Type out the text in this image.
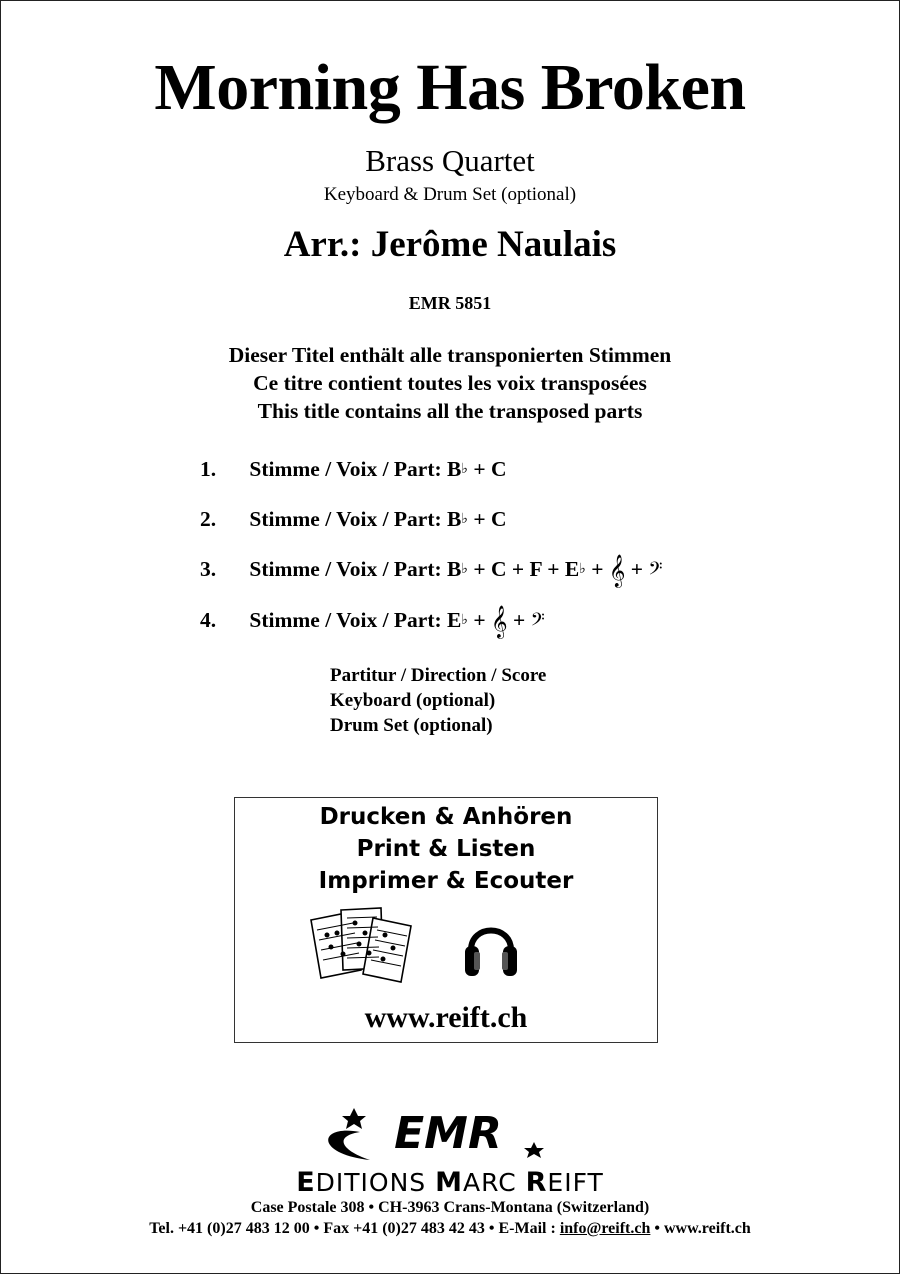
Morning Has Broken
Brass Quartet
Keyboard & Drum Set (optional)
Arr.: Jerôme Naulais
EMR 5851
Dieser Titel enthält alle transponierten Stimmen
Ce titre contient toutes les voix transposées
This title contains all the transposed parts
1. Stimme / Voix / Part: B♭ + C
2. Stimme / Voix / Part: B♭ + C
3. Stimme / Voix / Part: B♭ + C + F + E♭ + 𝄞 + 𝄢
4. Stimme / Voix / Part: E♭ + 𝄞 + 𝄢
Partitur / Direction / Score
Keyboard (optional)
Drum Set (optional)
Drucken & Anhören
Print & Listen
Imprimer & Ecouter
www.reift.ch
EMR
EDITIONS MARC REIFT
Case Postale 308 • CH-3963 Crans-Montana (Switzerland)
Tel. +41 (0)27 483 12 00 • Fax +41 (0)27 483 42 43 • E-Mail : info@reift.ch • www.reift.ch
